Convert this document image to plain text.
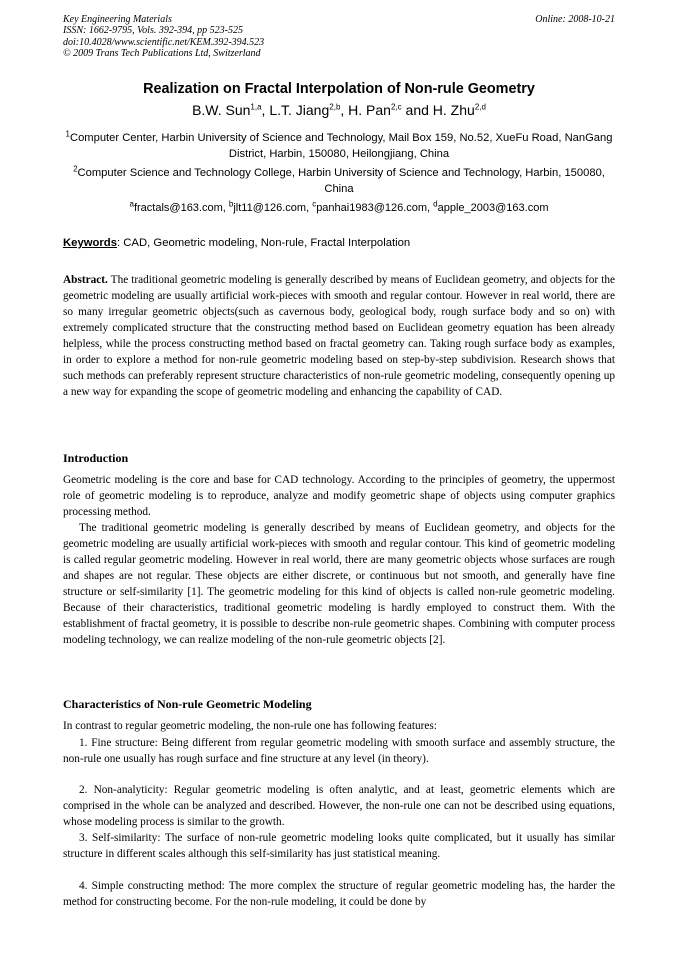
Key Engineering Materials
ISSN: 1662-9795, Vols. 392-394, pp 523-525
doi:10.4028/www.scientific.net/KEM.392-394.523
© 2009 Trans Tech Publications Ltd, Switzerland
Online: 2008-10-21
Realization on Fractal Interpolation of Non-rule Geometry
B.W. Sun$^{1,a}$, L.T. Jiang$^{2,b}$, H. Pan$^{2,c}$ and H. Zhu$^{2,d}$
$^1$Computer Center, Harbin University of Science and Technology, Mail Box 159, No.52, XueFu Road, NanGang District, Harbin, 150080, Heilongjiang, China
$^2$Computer Science and Technology College, Harbin University of Science and Technology, Harbin, 150080, China
$^a$fractals@163.com, $^b$jlt11@126.com, $^c$panhai1983@126.com, $^d$apple_2003@163.com
Keywords: CAD, Geometric modeling, Non-rule, Fractal Interpolation
Abstract. The traditional geometric modeling is generally described by means of Euclidean geometry, and objects for the geometric modeling are usually artificial work-pieces with smooth and regular contour. However in real world, there are so many irregular geometric objects(such as cavernous body, geological body, rough surface body and so on) with extremely complicated structure that the constructing method based on Euclidean geometry equation has been already helpless, while the process constructing method based on fractal geometry can. Taking rough surface body as examples, in order to explore a method for non-rule geometric modeling based on step-by-step subdivision. Research shows that such methods can preferably represent structure characteristics of non-rule geometric modeling, consequently opening up a new way for expanding the scope of geometric modeling and enhancing the capability of CAD.
Introduction
Geometric modeling is the core and base for CAD technology. According to the principles of geometry, the uppermost role of geometric modeling is to reproduce, analyze and modify geometric shape of objects using computer graphics processing method.
The traditional geometric modeling is generally described by means of Euclidean geometry, and objects for the geometric modeling are usually artificial work-pieces with smooth and regular contour. This kind of geometric modeling is called regular geometric modeling. However in real world, there are many geometric objects whose surfaces are rough and shapes are not regular. These objects are either discrete, or continuous but not smooth, and generally have fine structure or self-similarity [1]. The geometric modeling for this kind of objects is called non-rule geometric modeling. Because of their characteristics, traditional geometric modeling is hardly employed to construct them. With the establishment of fractal geometry, it is possible to describe non-rule geometric shapes. Combining with computer process modeling technology, we can realize modeling of the non-rule geometric objects [2].
Characteristics of Non-rule Geometric Modeling
In contrast to regular geometric modeling, the non-rule one has following features:
1. Fine structure: Being different from regular geometric modeling with smooth surface and assembly structure, the non-rule one usually has rough surface and fine structure at any level (in theory).
2. Non-analyticity: Regular geometric modeling is often analytic, and at least, geometric elements which are comprised in the whole can be analyzed and described. However, the non-rule one can not be described using equations, whose modeling process is similar to the growth.
3. Self-similarity: The surface of non-rule geometric modeling looks quite complicated, but it usually has similar structure in different scales although this self-similarity has just statistical meaning.
4. Simple constructing method: The more complex the structure of regular geometric modeling has, the harder the method for constructing become. For the non-rule modeling, it could be done by
